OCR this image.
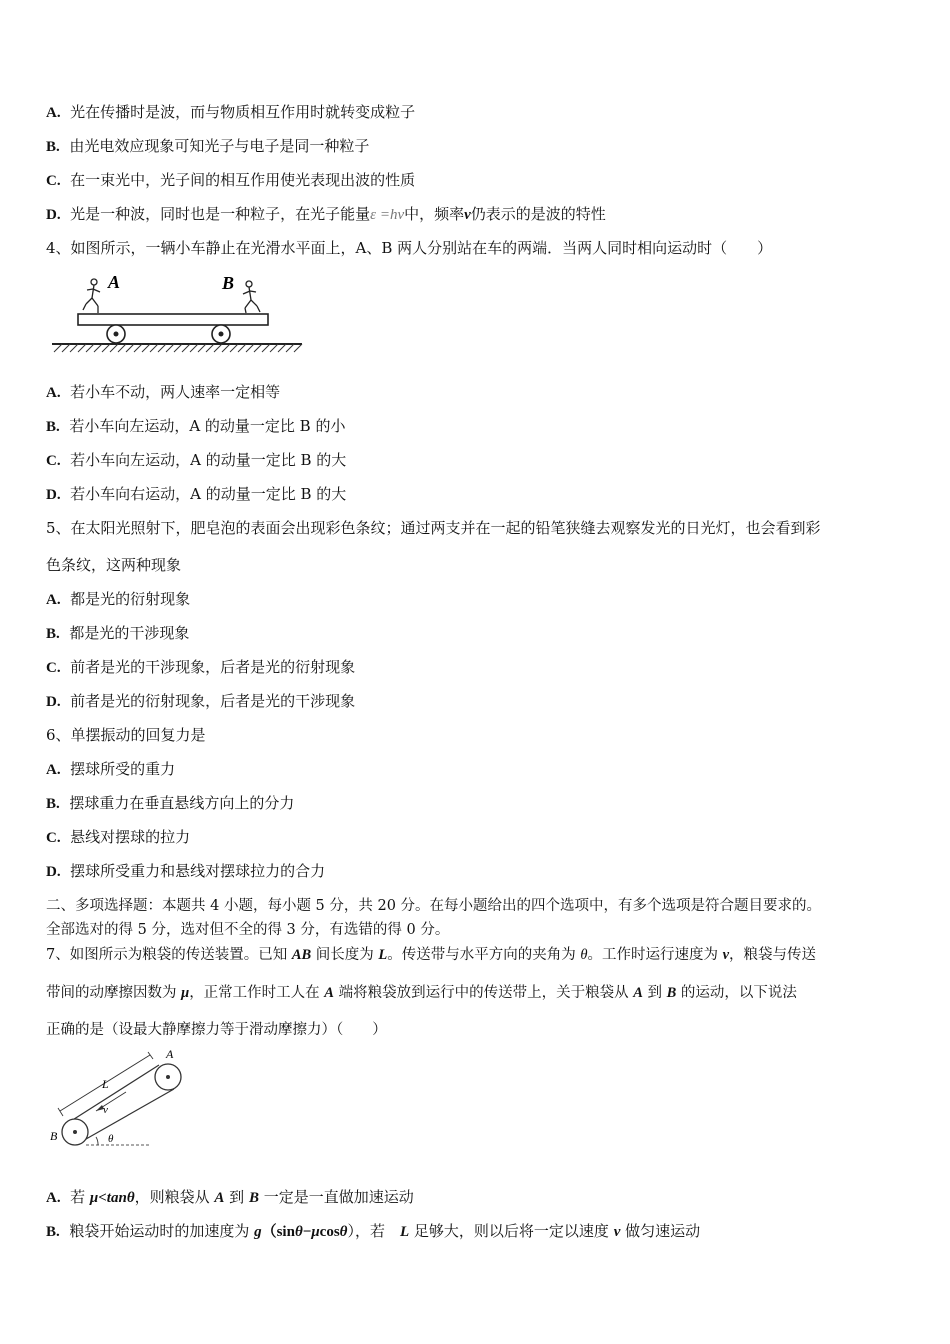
A. 光在传播时是波，而与物质相互作用时就转变成粒子
B. 由光电效应现象可知光子与电子是同一种粒子
C. 在一束光中，光子间的相互作用使光表现出波的性质
D. 光是一种波，同时也是一种粒子，在光子能量ε =hν中，频率ν仍表示的是波的特性
4、如图所示，一辆小车静止在光滑水平面上，A、B 两人分别站在车的两端．当两人同时相向运动时（　　）
A	B
A. 若小车不动，两人速率一定相等
B. 若小车向左运动，A 的动量一定比 B 的小
C. 若小车向左运动，A 的动量一定比 B 的大
D. 若小车向右运动，A 的动量一定比 B 的大
5、在太阳光照射下，肥皂泡的表面会出现彩色条纹；通过两支并在一起的铅笔狭缝去观察发光的日光灯，也会看到彩
色条纹，这两种现象
A. 都是光的衍射现象
B. 都是光的干涉现象
C. 前者是光的干涉现象，后者是光的衍射现象
D. 前者是光的衍射现象，后者是光的干涉现象
6、单摆振动的回复力是
A. 摆球所受的重力
B. 摆球重力在垂直悬线方向上的分力
C. 悬线对摆球的拉力
D. 摆球所受重力和悬线对摆球拉力的合力
二、多项选择题：本题共 4 小题，每小题 5 分，共 20 分。在每小题给出的四个选项中，有多个选项是符合题目要求的。
全部选对的得 5 分，选对但不全的得 3 分，有选错的得 0 分。
7、如图所示为粮袋的传送装置。已知 AB 间长度为 L。传送带与水平方向的夹角为 θ。工作时运行速度为 v，粮袋与传送
带间的动摩擦因数为 μ，正常工作时工人在 A 端将粮袋放到运行中的传送带上，关于粮袋从 A 到 B 的运动，以下说法
正确的是（设最大静摩擦力等于滑动摩擦力）（　　）
A
B
L
v
θ
A. 若 μ<tanθ，则粮袋从 A 到 B 一定是一直做加速运动
B. 粮袋开始运动时的加速度为 g（sinθ−μcosθ），若　L 足够大，则以后将一定以速度 v 做匀速运动
